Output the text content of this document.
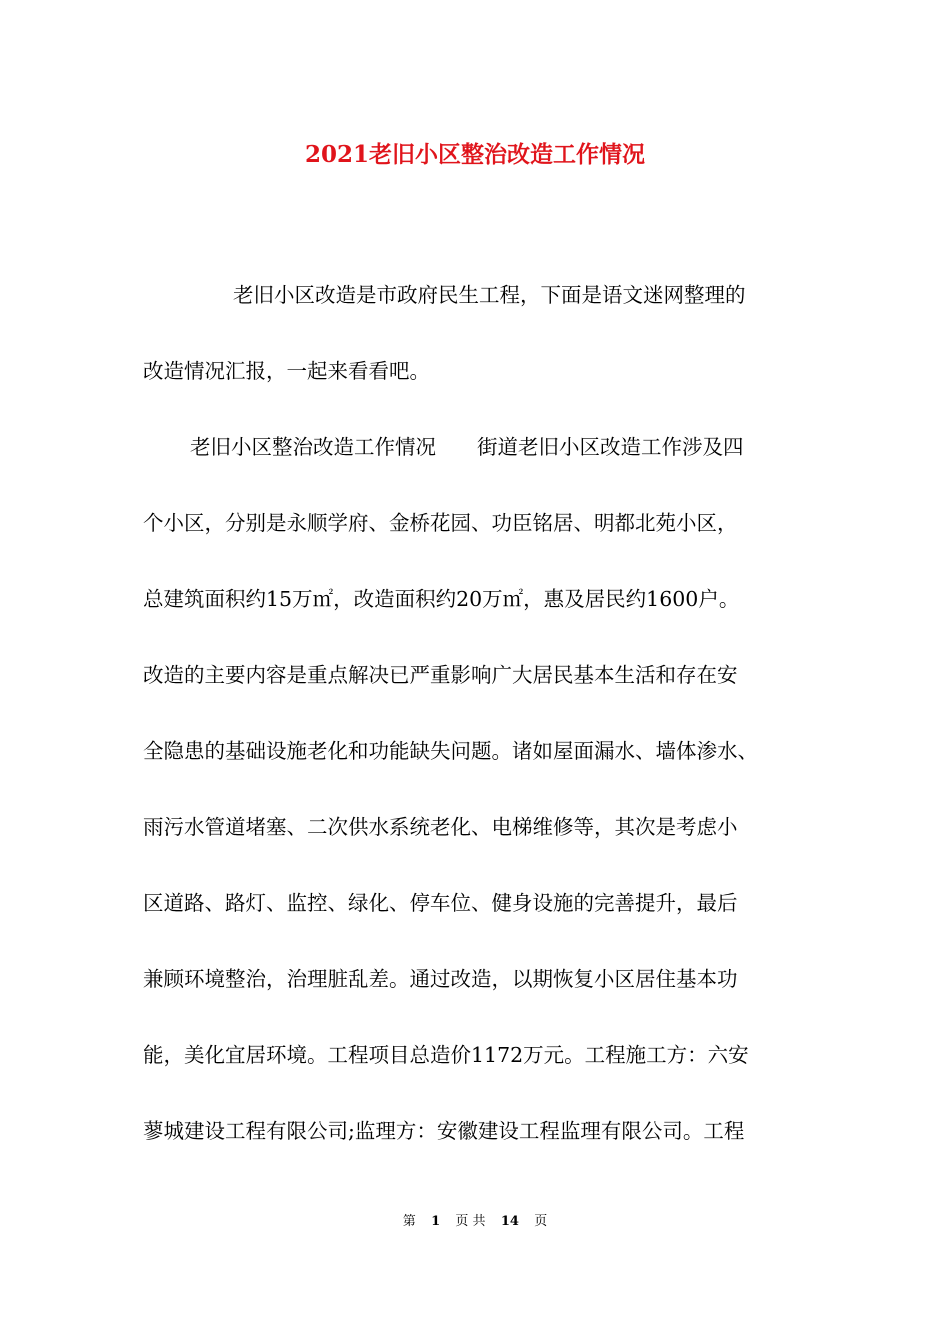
2021老旧小区整治改造工作情况

老旧小区改造是市政府民生工程，下面是语文迷网整理的

改造情况汇报，一起来看看吧。

老旧小区整治改造工作情况　　街道老旧小区改造工作涉及四

个小区，分别是永顺学府、金桥花园、功臣铭居、明都北苑小区，

总建筑面积约15万㎡，改造面积约20万㎡，惠及居民约1600户。

改造的主要内容是重点解决已严重影响广大居民基本生活和存在安

全隐患的基础设施老化和功能缺失问题。诸如屋面漏水、墙体渗水、

雨污水管道堵塞、二次供水系统老化、电梯维修等，其次是考虑小

区道路、路灯、监控、绿化、停车位、健身设施的完善提升，最后

兼顾环境整治，治理脏乱差。通过改造，以期恢复小区居住基本功

能，美化宜居环境。工程项目总造价1172万元。工程施工方：六安

蓼城建设工程有限公司;监理方：安徽建设工程监理有限公司。工程

第 1 页 共 14 页
